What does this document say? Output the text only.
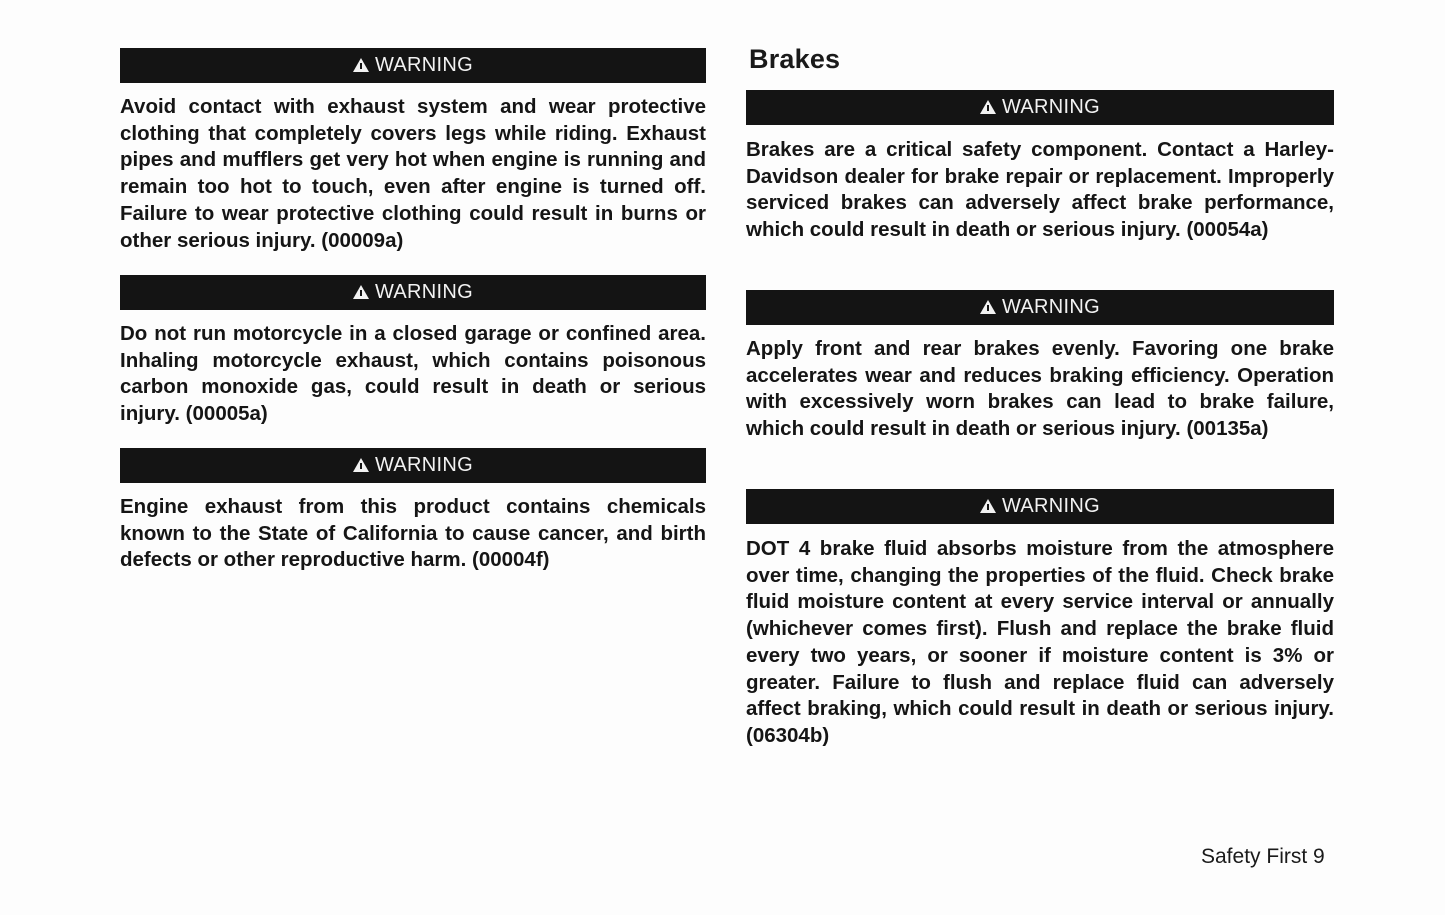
WARNING
Avoid contact with exhaust system and wear protective clothing that completely covers legs while riding. Exhaust pipes and mufflers get very hot when engine is running and remain too hot to touch, even after engine is turned off. Failure to wear protective clothing could result in burns or other serious injury. (00009a)
WARNING
Do not run motorcycle in a closed garage or confined area. Inhaling motorcycle exhaust, which contains poisonous carbon monoxide gas, could result in death or serious injury. (00005a)
WARNING
Engine exhaust from this product contains chemicals known to the State of California to cause cancer, and birth defects or other reproductive harm. (00004f)
Brakes
WARNING
Brakes are a critical safety component. Contact a Harley-Davidson dealer for brake repair or replacement. Improperly serviced brakes can adversely affect brake performance, which could result in death or serious injury. (00054a)
WARNING
Apply front and rear brakes evenly. Favoring one brake accelerates wear and reduces braking efficiency. Operation with excessively worn brakes can lead to brake failure, which could result in death or serious injury. (00135a)
WARNING
DOT 4 brake fluid absorbs moisture from the atmosphere over time, changing the properties of the fluid. Check brake fluid moisture content at every service interval or annually (whichever comes first). Flush and replace the brake fluid every two years, or sooner if moisture content is 3% or greater. Failure to flush and replace fluid can adversely affect braking, which could result in death or serious injury. (06304b)
Safety First 9
